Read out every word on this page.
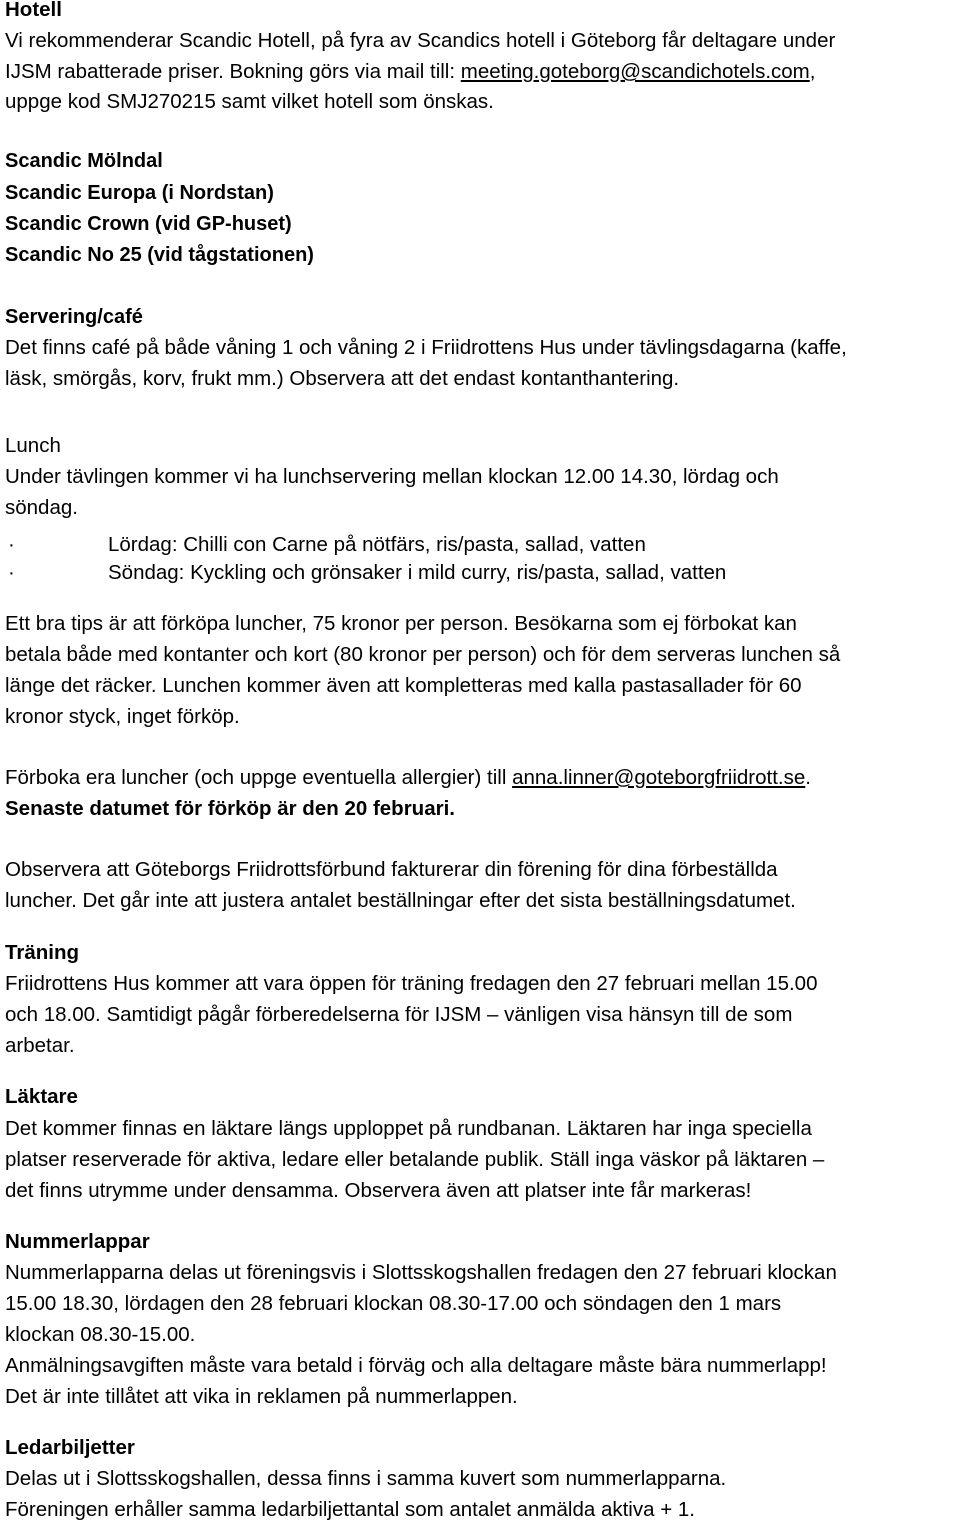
Hotell
Vi rekommenderar Scandic Hotell, på fyra av Scandics hotell i Göteborg får deltagare under
IJSM rabatterade priser. Bokning görs via mail till: meeting.goteborg@scandichotels.com,
uppge kod SMJ270215 samt vilket hotell som önskas.
Scandic Mölndal
Scandic Europa (i Nordstan)
Scandic Crown (vid GP-huset)
Scandic No 25 (vid tågstationen)
Servering/café
Det finns café på både våning 1 och våning 2 i Friidrottens Hus under tävlingsdagarna (kaffe,
läsk, smörgås, korv, frukt mm.) Observera att det endast kontanthantering.
Lunch
Under tävlingen kommer vi ha lunchservering mellan klockan 12.00 14.30, lördag och
söndag.
·	Lördag: Chilli con Carne på nötfärs, ris/pasta, sallad, vatten
·	Söndag: Kyckling och grönsaker i mild curry, ris/pasta, sallad, vatten
Ett bra tips är att förköpa luncher, 75 kronor per person. Besökarna som ej förbokat kan
betala både med kontanter och kort (80 kronor per person) och för dem serveras lunchen så
länge det räcker. Lunchen kommer även att kompletteras med kalla pastasallader för 60
kronor styck, inget förköp.
Förboka era luncher (och uppge eventuella allergier) till anna.linner@goteborgfriidrott.se.
Senaste datumet för förköp är den 20 februari.
Observera att Göteborgs Friidrottsförbund fakturerar din förening för dina förbeställda
luncher. Det går inte att justera antalet beställningar efter det sista beställningsdatumet.
Träning
Friidrottens Hus kommer att vara öppen för träning fredagen den 27 februari mellan 15.00
och 18.00. Samtidigt pågår förberedelserna för IJSM – vänligen visa hänsyn till de som
arbetar.
Läktare
Det kommer finnas en läktare längs upploppet på rundbanan. Läktaren har inga speciella
platser reserverade för aktiva, ledare eller betalande publik. Ställ inga väskor på läktaren –
det finns utrymme under densamma. Observera även att platser inte får markeras!
Nummerlappar
Nummerlapparna delas ut föreningsvis i Slottsskogshallen fredagen den 27 februari klockan
15.00 18.30, lördagen den 28 februari klockan 08.30-17.00 och söndagen den 1 mars
klockan 08.30-15.00.
Anmälningsavgiften måste vara betald i förväg och alla deltagare måste bära nummerlapp!
Det är inte tillåtet att vika in reklamen på nummerlappen.
Ledarbiljetter
Delas ut i Slottsskogshallen, dessa finns i samma kuvert som nummerlapparna.
Föreningen erhåller samma ledarbiljettantal som antalet anmälda aktiva + 1.
